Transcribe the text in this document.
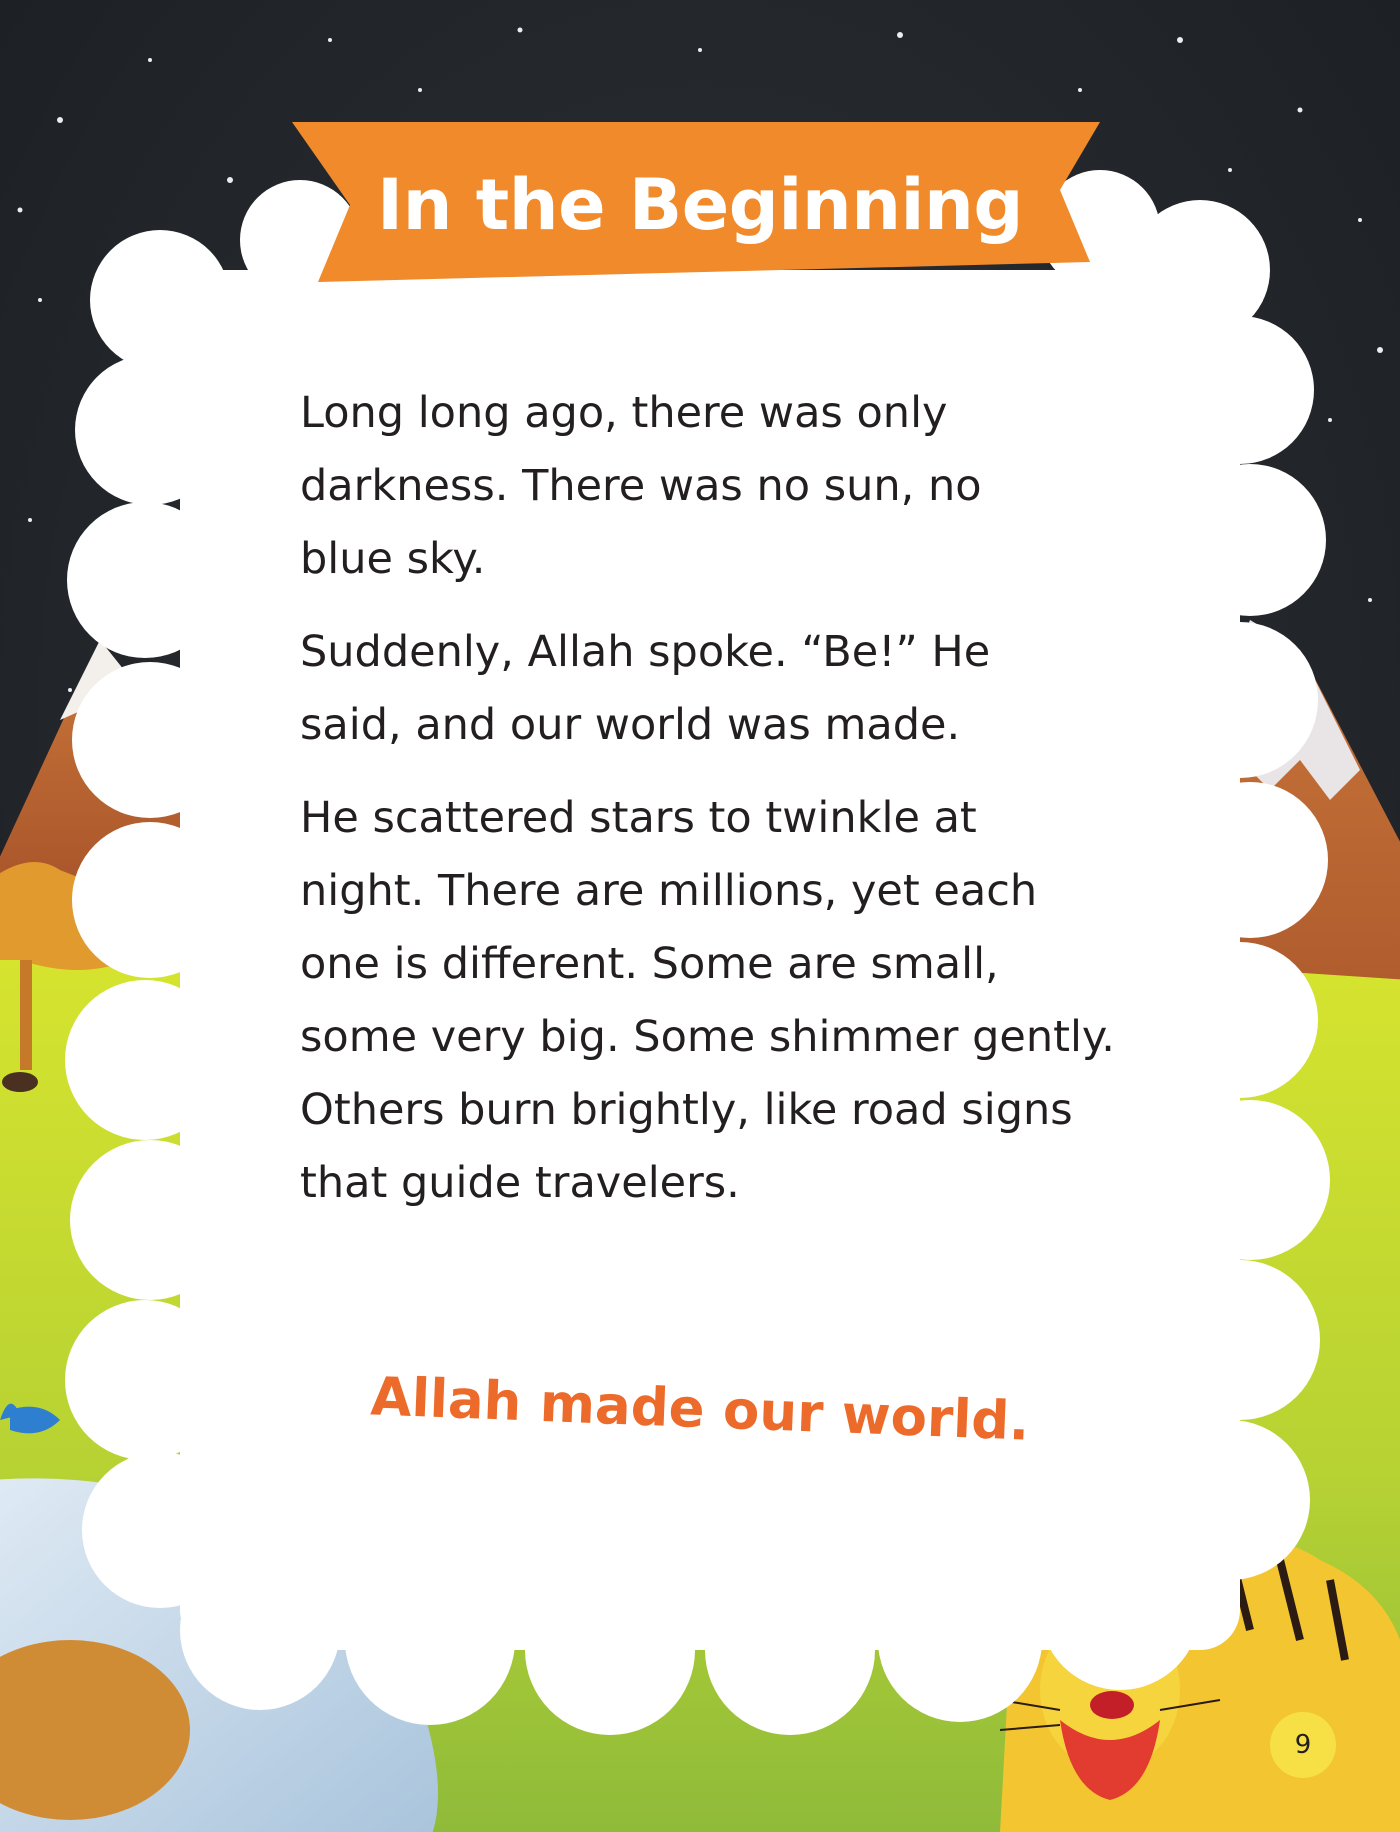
In the Beginning

Long long ago, there was only
darkness. There was no sun, no
blue sky.

Suddenly, Allah spoke. “Be!” He
said, and our world was made.

He scattered stars to twinkle at
night. There are millions, yet each
one is different. Some are small,
some very big. Some shimmer gently.
Others burn brightly, like road signs
that guide travelers.

Allah made our world.
9
